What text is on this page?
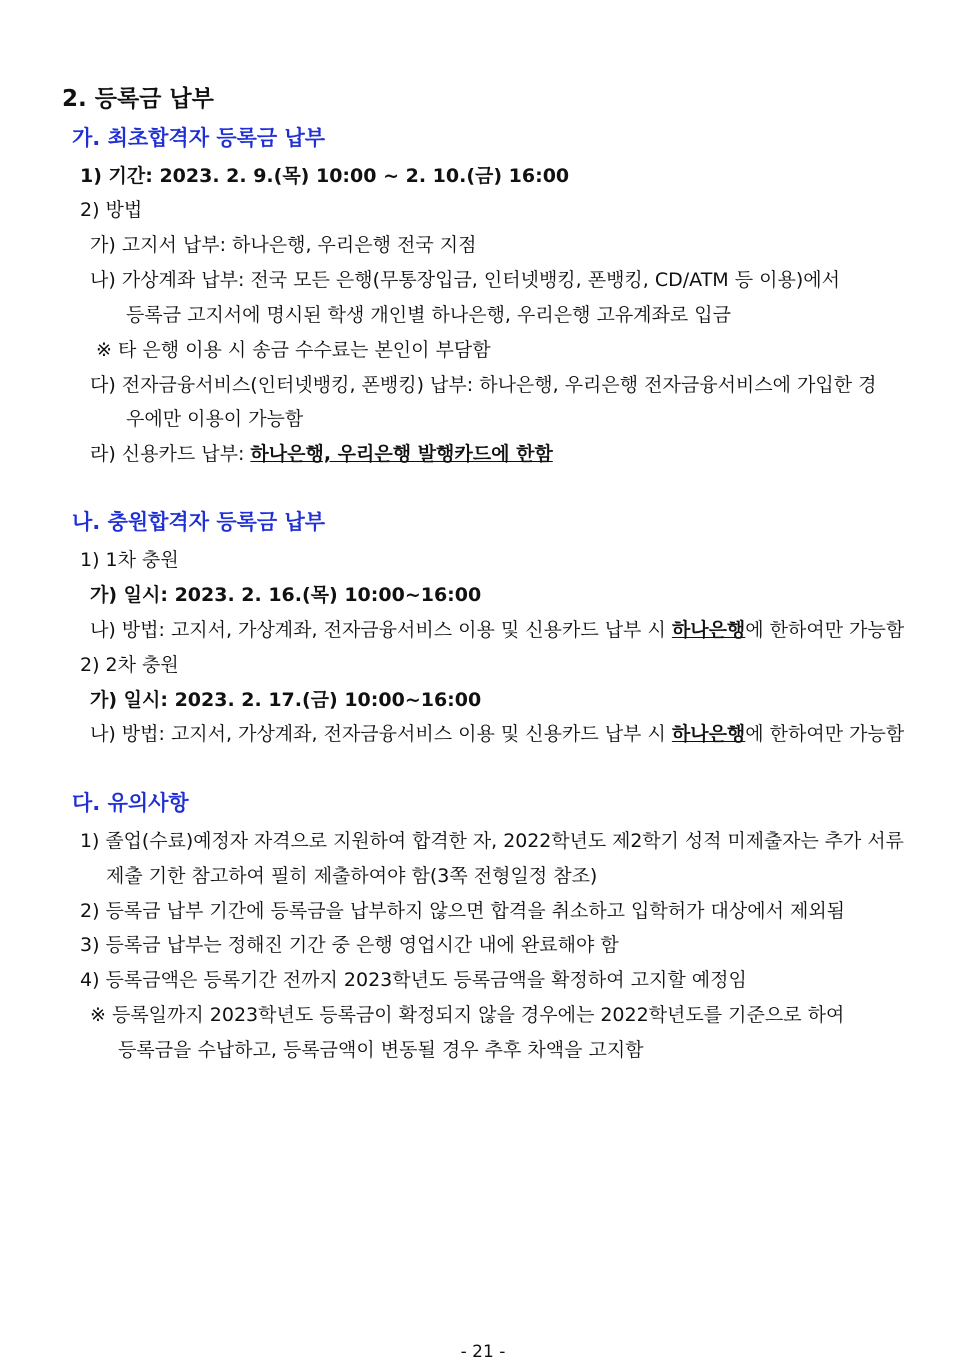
2. 등록금 납부
가. 최초합격자 등록금 납부
1) 기간: 2023. 2. 9.(목) 10:00 ~ 2. 10.(금) 16:00
2) 방법
가) 고지서 납부: 하나은행, 우리은행 전국 지점
나) 가상계좌 납부: 전국 모든 은행(무통장입금, 인터넷뱅킹, 폰뱅킹, CD/ATM 등 이용)에서
등록금 고지서에 명시된 학생 개인별 하나은행, 우리은행 고유계좌로 입금
※ 타 은행 이용 시 송금 수수료는 본인이 부담함
다) 전자금융서비스(인터넷뱅킹, 폰뱅킹) 납부: 하나은행, 우리은행 전자금융서비스에 가입한 경
우에만 이용이 가능함
라) 신용카드 납부: 하나은행, 우리은행 발행카드에 한함
나. 충원합격자 등록금 납부
1) 1차 충원
가) 일시: 2023. 2. 16.(목) 10:00~16:00
나) 방법: 고지서, 가상계좌, 전자금융서비스 이용 및 신용카드 납부 시 하나은행에 한하여만 가능함
2) 2차 충원
가) 일시: 2023. 2. 17.(금) 10:00~16:00
나) 방법: 고지서, 가상계좌, 전자금융서비스 이용 및 신용카드 납부 시 하나은행에 한하여만 가능함
다. 유의사항
1) 졸업(수료)예정자 자격으로 지원하여 합격한 자, 2022학년도 제2학기 성적 미제출자는 추가 서류
제출 기한 참고하여 필히 제출하여야 함(3쪽 전형일정 참조)
2) 등록금 납부 기간에 등록금을 납부하지 않으면 합격을 취소하고 입학허가 대상에서 제외됨
3) 등록금 납부는 정해진 기간 중 은행 영업시간 내에 완료해야 함
4) 등록금액은 등록기간 전까지 2023학년도 등록금액을 확정하여 고지할 예정임
※ 등록일까지 2023학년도 등록금이 확정되지 않을 경우에는 2022학년도를 기준으로 하여
등록금을 수납하고, 등록금액이 변동될 경우 추후 차액을 고지함
- 21 -
